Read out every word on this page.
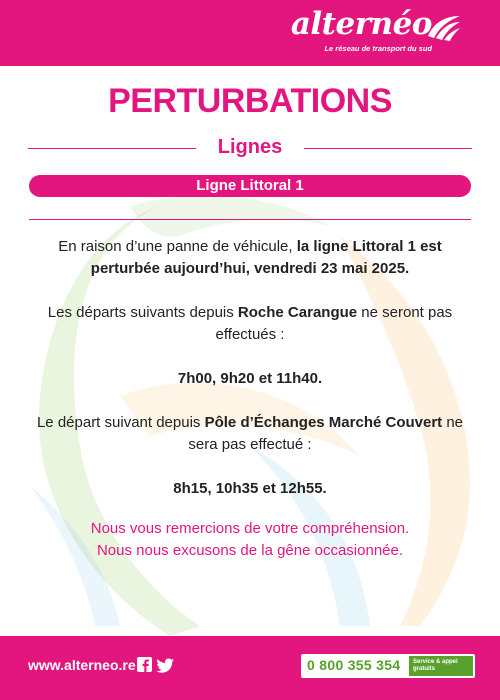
alternéo
Le réseau de transport du sud
PERTURBATIONS
Lignes
Ligne Littoral 1
En raison d’une panne de véhicule, la ligne Littoral 1 est perturbée aujourd’hui, vendredi 23 mai 2025.
Les départs suivants depuis Roche Carangue ne seront pas effectués :
7h00, 9h20 et 11h40.
Le départ suivant depuis Pôle d’Échanges Marché Couvert ne sera pas effectué :
8h15, 10h35 et 12h55.
Nous vous remercions de votre compréhension.
Nous nous excusons de la gêne occasionnée.
www.alterneo.re	0 800 355 354 Service & appel
gratuits
